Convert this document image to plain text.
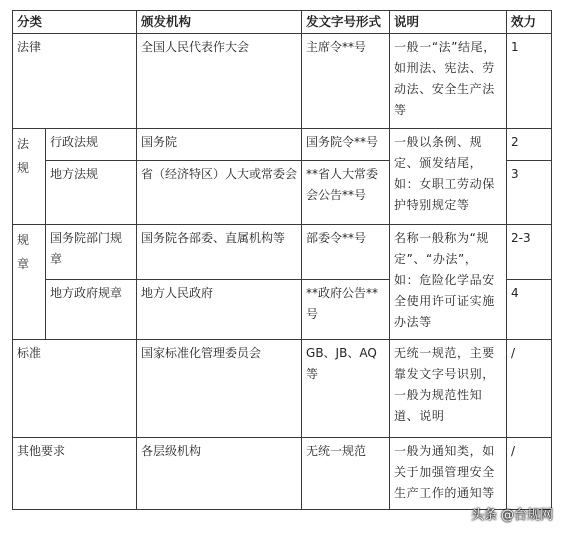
分类		颁发机构	发文字号形式	说明	效力
法律		全国人民代表作大会	主席令**号	一般一“法”结尾，如刑法、宪法、劳动法、安全生产法等	1

法
规	行政法规	国务院	国务院令**号	一般以条例、规定、颁发结尾，如：女职工劳动保护特别规定等	2
	地方法规	省（经济特区）人大或常委会	**省人大常委会公告**号		3

规
章	国务院部门规章	国务院各部委、直属机构等	部委令**号	名称一般称为“规定”、“办法”，如：危险化学品安全使用许可证实施办法等	2-3
	地方政府规章	地方人民政府	**政府公告**号		4
标准		国家标准化管理委员会	GB、JB、AQ等	无统一规范，主要靠发文字号识别，一般为规范性知道、说明	/
其他要求		各层级机构	无统一规范	一般为通知类，如关于加强管理安全生产工作的通知等	/
头条 @台规网
